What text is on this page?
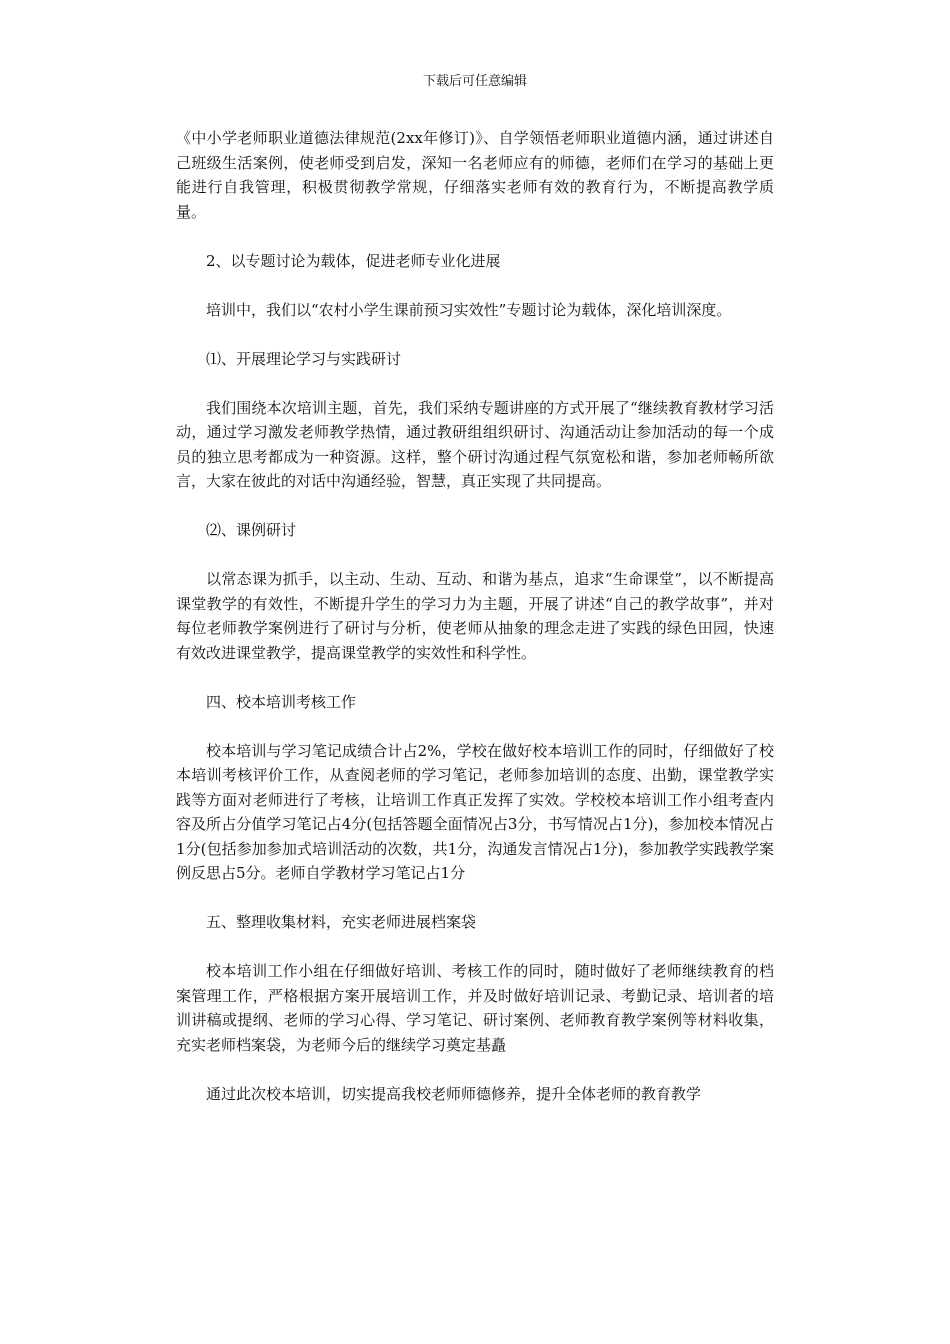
下载后可任意编辑

《中小学老师职业道德法律规范(2xx年修订)》、自学领悟老师职业道德内涵，通过讲述自己班级生活案例，使老师受到启发，深知一名老师应有的师德，老师们在学习的基础上更能进行自我管理，积极贯彻教学常规，仔细落实老师有效的教育行为，不断提高教学质量。

2、以专题讨论为载体，促进老师专业化进展

培训中，我们以“农村小学生课前预习实效性”专题讨论为载体，深化培训深度。

⑴、开展理论学习与实践研讨

我们围绕本次培训主题，首先，我们采纳专题讲座的方式开展了“继续教育教材学习活动，通过学习激发老师教学热情，通过教研组组织研讨、沟通活动让参加活动的每一个成员的独立思考都成为一种资源。这样，整个研讨沟通过程气氛宽松和谐，参加老师畅所欲言，大家在彼此的对话中沟通经验，智慧，真正实现了共同提高。

⑵、课例研讨

以常态课为抓手，以主动、生动、互动、和谐为基点，追求“生命课堂”，以不断提高课堂教学的有效性，不断提升学生的学习力为主题，开展了讲述“自己的教学故事”，并对每位老师教学案例进行了研讨与分析，使老师从抽象的理念走进了实践的绿色田园，快速有效改进课堂教学，提高课堂教学的实效性和科学性。

四、校本培训考核工作

校本培训与学习笔记成绩合计占2%，学校在做好校本培训工作的同时，仔细做好了校本培训考核评价工作，从查阅老师的学习笔记，老师参加培训的态度、出勤，课堂教学实践等方面对老师进行了考核，让培训工作真正发挥了实效。学校校本培训工作小组考查内容及所占分值学习笔记占4分(包括答题全面情况占3分，书写情况占1分)，参加校本情况占1分(包括参加参加式培训活动的次数，共1分，沟通发言情况占1分)，参加教学实践教学案例反思占5分。老师自学教材学习笔记占1分

五、整理收集材料，充实老师进展档案袋

校本培训工作小组在仔细做好培训、考核工作的同时，随时做好了老师继续教育的档案管理工作，严格根据方案开展培训工作，并及时做好培训记录、考勤记录、培训者的培训讲稿或提纲、老师的学习心得、学习笔记、研讨案例、老师教育教学案例等材料收集，充实老师档案袋，为老师今后的继续学习奠定基矗

通过此次校本培训，切实提高我校老师师德修养，提升全体老师的教育教学
